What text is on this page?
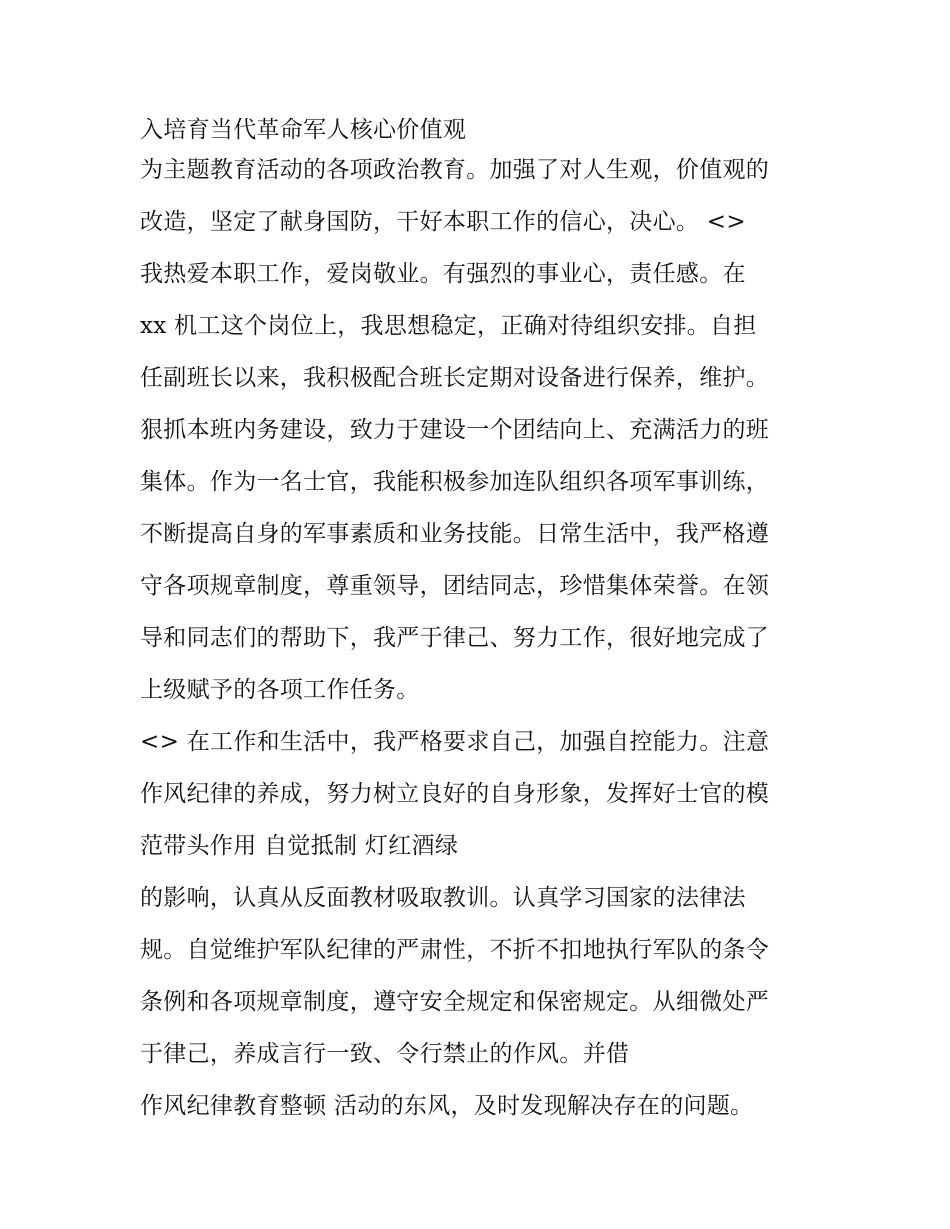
入培育当代革命军人核心价值观
为主题教育活动的各项政治教育。加强了对人生观，价值观的
改造，坚定了献身国防，干好本职工作的信心，决心。 <>
我热爱本职工作，爱岗敬业。有强烈的事业心，责任感。在
xx 机工这个岗位上，我思想稳定，正确对待组织安排。自担
任副班长以来，我积极配合班长定期对设备进行保养，维护。
狠抓本班内务建设，致力于建设一个团结向上、充满活力的班
集体。作为一名士官，我能积极参加连队组织各项军事训练，
不断提高自身的军事素质和业务技能。日常生活中，我严格遵
守各项规章制度，尊重领导，团结同志，珍惜集体荣誉。在领
导和同志们的帮助下，我严于律己、努力工作，很好地完成了
上级赋予的各项工作任务。
<> 在工作和生活中，我严格要求自己，加强自控能力。注意
作风纪律的养成，努力树立良好的自身形象，发挥好士官的模
范带头作用 自觉抵制 灯红酒绿
的影响，认真从反面教材吸取教训。认真学习国家的法律法
规。自觉维护军队纪律的严肃性，不折不扣地执行军队的条令
条例和各项规章制度，遵守安全规定和保密规定。从细微处严
于律己，养成言行一致、令行禁止的作风。并借
作风纪律教育整顿 活动的东风，及时发现解决存在的问题。
